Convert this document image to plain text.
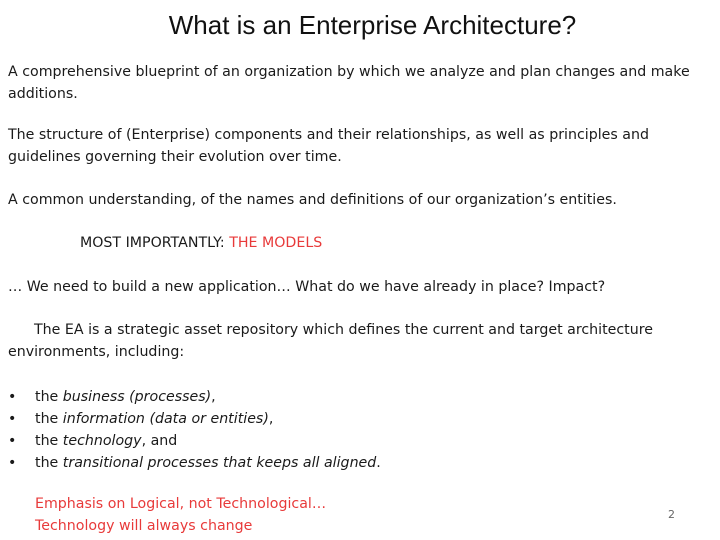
What is an Enterprise Architecture?
A comprehensive blueprint of an organization by which we analyze and plan changes and make additions.
The structure of (Enterprise) components and their relationships, as well as principles and guidelines governing their evolution over time.
A common understanding, of the names and definitions of our organization’s entities.
MOST IMPORTANTLY: THE MODELS
… We need to build a new application… What do we have already in place? Impact?
The EA is a strategic asset repository which defines the current and target architecture environments, including:
• the business (processes),
• the information (data or entities),
• the technology, and
• the transitional processes that keeps all aligned.
Emphasis on Logical, not Technological…
Technology will always change
2
